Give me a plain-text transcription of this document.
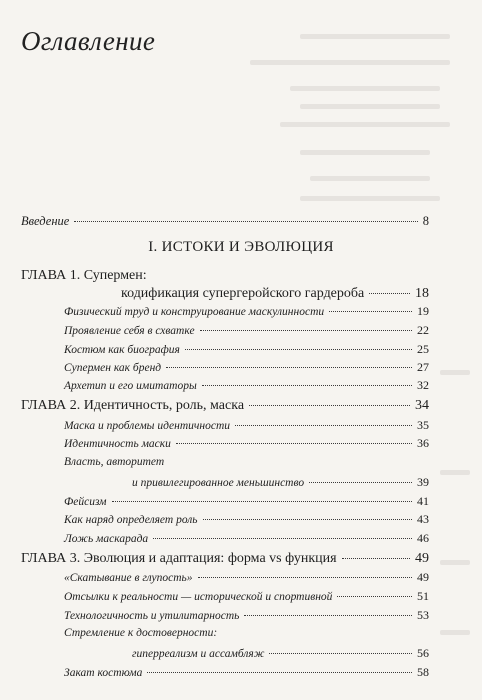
Оглавление
Введение	8
I. ИСТОКИ И ЭВОЛЮЦИЯ
ГЛАВА 1. Супермен:
кодификация супергеройского гардероба	18
Физический труд и конструирование маскулинности	19
Проявление себя в схватке	22
Костюм как биография	25
Супермен как бренд	27
Архетип и его имитаторы	32
ГЛАВА 2. Идентичность, роль, маска	34
Маска и проблемы идентичности	35
Идентичность маски	36
Власть, авторитет
и привилегированное меньшинство	39
Фейсизм	41
Как наряд определяет роль	43
Ложь маскарада	46
ГЛАВА 3. Эволюция и адаптация: форма vs функция	49
«Скатывание в глупость»	49
Отсылки к реальности — исторической и спортивной	51
Технологичность и утилитарность	53
Стремление к достоверности:
гиперреализм и ассамбляж	56
Закат костюма	58
